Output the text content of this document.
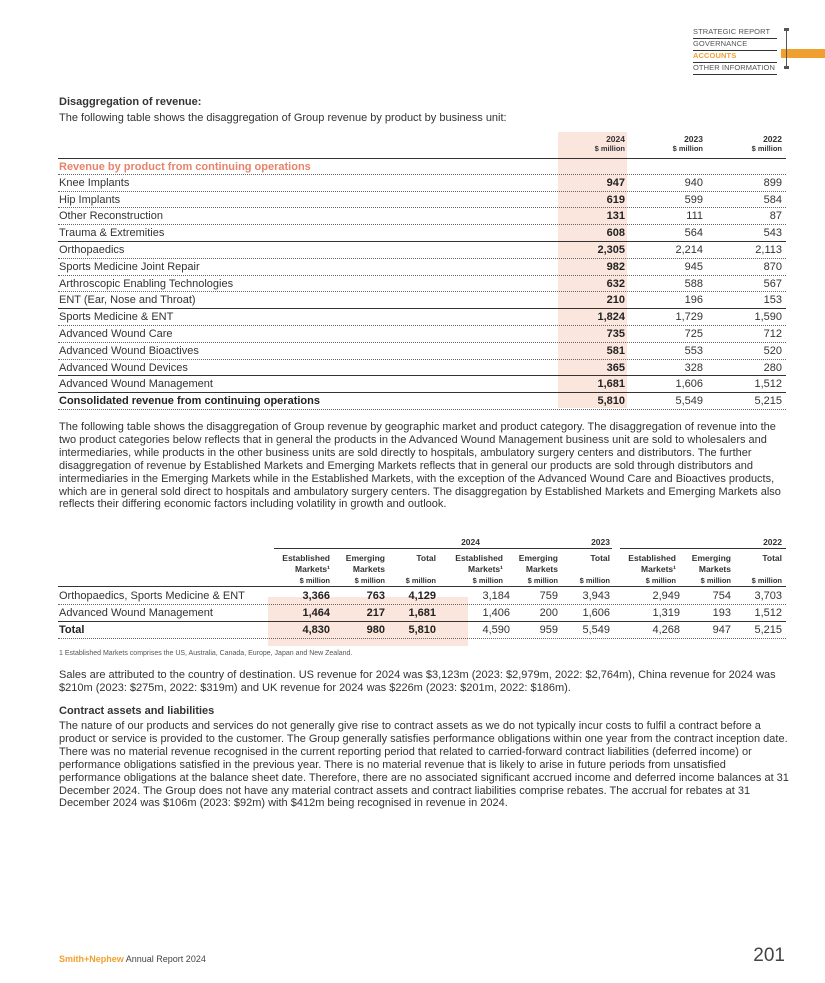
STRATEGIC REPORT
GOVERNANCE
ACCOUNTS
OTHER INFORMATION
Disaggregation of revenue:
The following table shows the disaggregation of Group revenue by product by business unit:
2024
$ million
2023
$ million
2022
$ million
Revenue by product from continuing operations
Knee Implants	947	940	899
Hip Implants	619	599	584
Other Reconstruction	131	111	87
Trauma & Extremities	608	564	543
Orthopaedics	2,305	2,214	2,113
Sports Medicine Joint Repair	982	945	870
Arthroscopic Enabling Technologies	632	588	567
ENT (Ear, Nose and Throat)	210	196	153
Sports Medicine & ENT	1,824	1,729	1,590
Advanced Wound Care	735	725	712
Advanced Wound Bioactives	581	553	520
Advanced Wound Devices	365	328	280
Advanced Wound Management	1,681	1,606	1,512
Consolidated revenue from continuing operations	5,810	5,549	5,215
The following table shows the disaggregation of Group revenue by geographic market and product category. The disaggregation of revenue into the two product categories below reflects that in general the products in the Advanced Wound Management business unit are sold to wholesalers and intermediaries, while products in the other business units are sold directly to hospitals, ambulatory surgery centers and distributors. The further disaggregation of revenue by Established Markets and Emerging Markets reflects that in general our products are sold through distributors and intermediaries in the Emerging Markets while in the Established Markets, with the exception of the Advanced Wound Care and Bioactives products, which are in general sold direct to hospitals and ambulatory surgery centers. The disaggregation by Established Markets and Emerging Markets also reflects their differing economic factors including volatility in growth and outlook.
2024	2023	2022
Established
Markets¹
$ million
Emerging
Markets
$ million
Total

$ million
Established
Markets¹
$ million
Emerging
Markets
$ million
Total

$ million
Established
Markets¹
$ million
Emerging
Markets
$ million
Total

$ million
Orthopaedics, Sports Medicine & ENT	3,366	763	4,129	3,184	759	3,943	2,949	754	3,703
Advanced Wound Management	1,464	217	1,681	1,406	200	1,606	1,319	193	1,512
Total	4,830	980	5,810	4,590	959	5,549	4,268	947	5,215
1 Established Markets comprises the US, Australia, Canada, Europe, Japan and New Zealand.
Sales are attributed to the country of destination. US revenue for 2024 was $3,123m (2023: $2,979m, 2022: $2,764m), China revenue for 2024 was $210m (2023: $275m, 2022: $319m) and UK revenue for 2024 was $226m (2023: $201m, 2022: $186m).
Contract assets and liabilities
The nature of our products and services do not generally give rise to contract assets as we do not typically incur costs to fulfil a contract before a product or service is provided to the customer. The Group generally satisfies performance obligations within one year from the contract inception date. There was no material revenue recognised in the current reporting period that related to carried-forward contract liabilities (deferred income) or performance obligations satisfied in the previous year. There is no material revenue that is likely to arise in future periods from unsatisfied performance obligations at the balance sheet date. Therefore, there are no associated significant accrued income and deferred income balances at 31 December 2024. The Group does not have any material contract assets and contract liabilities comprise rebates. The accrual for rebates at 31 December 2024 was $106m (2023: $92m) with $412m being recognised in revenue in 2024.
Smith+Nephew Annual Report 2024	201
